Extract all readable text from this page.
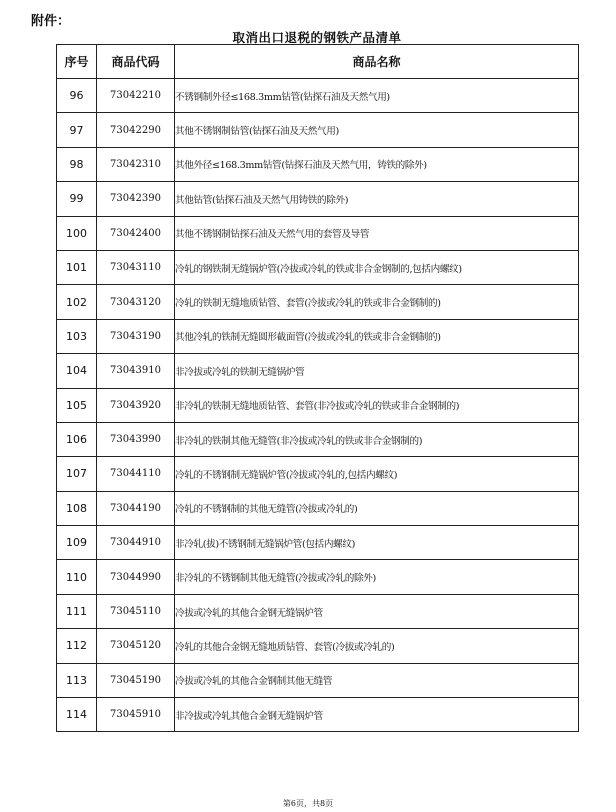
附件：
取消出口退税的钢铁产品清单
序号	商品代码	商品名称
96	73042210	不锈钢制外径≤168.3mm钻管(钻探石油及天然气用)
97	73042290	其他不锈钢制钻管(钻探石油及天然气用)
98	73042310	其他外径≤168.3mm钻管(钻探石油及天然气用，铸铁的除外)
99	73042390	其他钻管(钻探石油及天然气用铸铁的除外)
100	73042400	其他不锈钢制钻探石油及天然气用的套管及导管
101	73043110	冷轧的钢铁制无缝锅炉管(冷拔或冷轧的铁或非合金钢制的,包括内螺纹)
102	73043120	冷轧的铁制无缝地质钻管、套管(冷拔或冷轧的铁或非合金钢制的)
103	73043190	其他冷轧的铁制无缝圆形截面管(冷拔或冷轧的铁或非合金钢制的)
104	73043910	非冷拔或冷轧的铁制无缝锅炉管
105	73043920	非冷轧的铁制无缝地质钻管、套管(非冷拔或冷轧的铁或非合金钢制的)
106	73043990	非冷轧的铁制其他无缝管(非冷拔或冷轧的铁或非合金钢制的)
107	73044110	冷轧的不锈钢制无缝锅炉管(冷拔或冷轧的,包括内螺纹)
108	73044190	冷轧的不锈钢制的其他无缝管(冷拔或冷轧的)
109	73044910	非冷轧(拔)不锈钢制无缝锅炉管(包括内螺纹)
110	73044990	非冷轧的不锈钢制其他无缝管(冷拔或冷轧的除外)
111	73045110	冷拔或冷轧的其他合金钢无缝锅炉管
112	73045120	冷轧的其他合金钢无缝地质钻管、套管(冷拔或冷轧的)
113	73045190	冷拔或冷轧的其他合金钢制其他无缝管
114	73045910	非冷拔或冷轧其他合金钢无缝锅炉管
第6页，共8页
